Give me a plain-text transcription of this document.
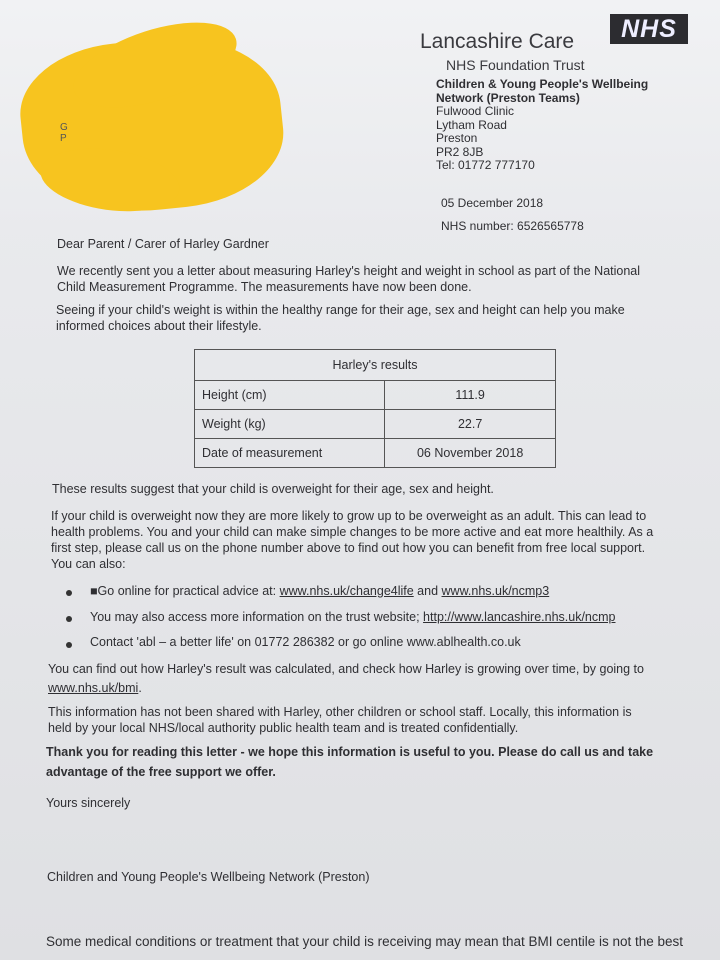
G
P
Lancashire Care	NHS
NHS Foundation Trust
Children & Young People's Wellbeing
Network (Preston Teams)
Fulwood Clinic
Lytham Road
Preston
PR2 8JB
Tel: 01772 777170
05 December 2018
NHS number: 6526565778
Dear Parent / Carer of Harley Gardner
We recently sent you a letter about measuring Harley's height and weight in school as part of the National
Child Measurement Programme. The measurements have now been done.
Seeing if your child's weight is within the healthy range for their age, sex and height can help you make
informed choices about their lifestyle.
Harley's results	
Height (cm)	111.9
Weight (kg)	22.7
Date of measurement	06 November 2018
These results suggest that your child is overweight for their age, sex and height.
If your child is overweight now they are more likely to grow up to be overweight as an adult. This can lead to
health problems. You and your child can make simple changes to be more active and eat more healthily. As a
first step, please call us on the phone number above to find out how you can benefit from free local support.
You can also:
■Go online for practical advice at: www.nhs.uk/change4life and www.nhs.uk/ncmp3
You may also access more information on the trust website; http://www.lancashire.nhs.uk/ncmp
Contact 'abl – a better life' on 01772 286382 or go online www.ablhealth.co.uk
You can find out how Harley's result was calculated, and check how Harley is growing over time, by going to
www.nhs.uk/bmi.
This information has not been shared with Harley, other children or school staff. Locally, this information is
held by your local NHS/local authority public health team and is treated confidentially.
Thank you for reading this letter - we hope this information is useful to you. Please do call us and take
advantage of the free support we offer.
Yours sincerely
Children and Young People's Wellbeing Network (Preston)
Some medical conditions or treatment that your child is receiving may mean that BMI centile is not the best
